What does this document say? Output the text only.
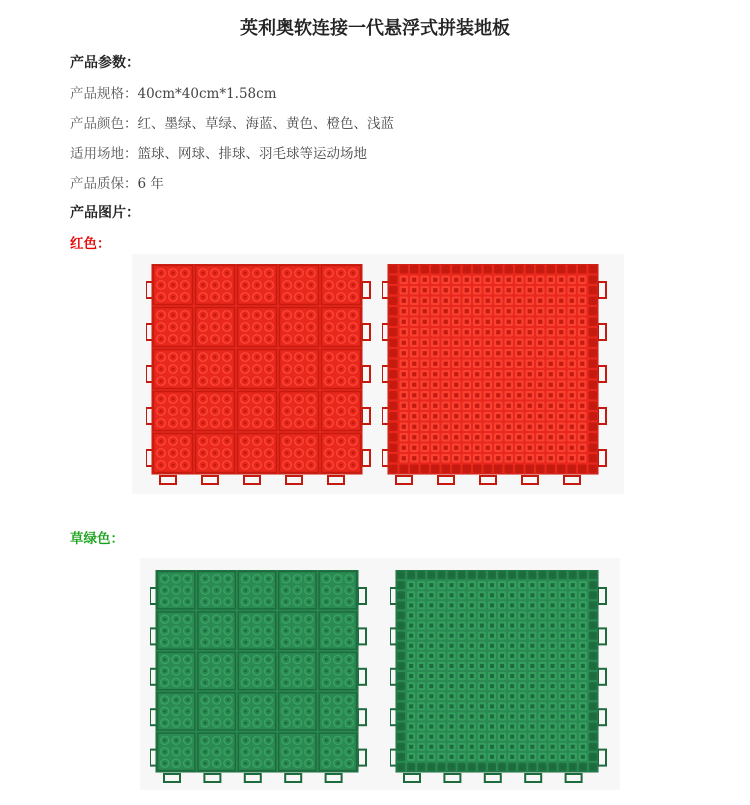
英利奥软连接一代悬浮式拼装地板
产品参数：
产品规格：40cm*40cm*1.58cm
产品颜色：红、墨绿、草绿、海蓝、黄色、橙色、浅蓝
适用场地：篮球、网球、排球、羽毛球等运动场地
产品质保：6 年
产品图片：
红色：
草绿色：
